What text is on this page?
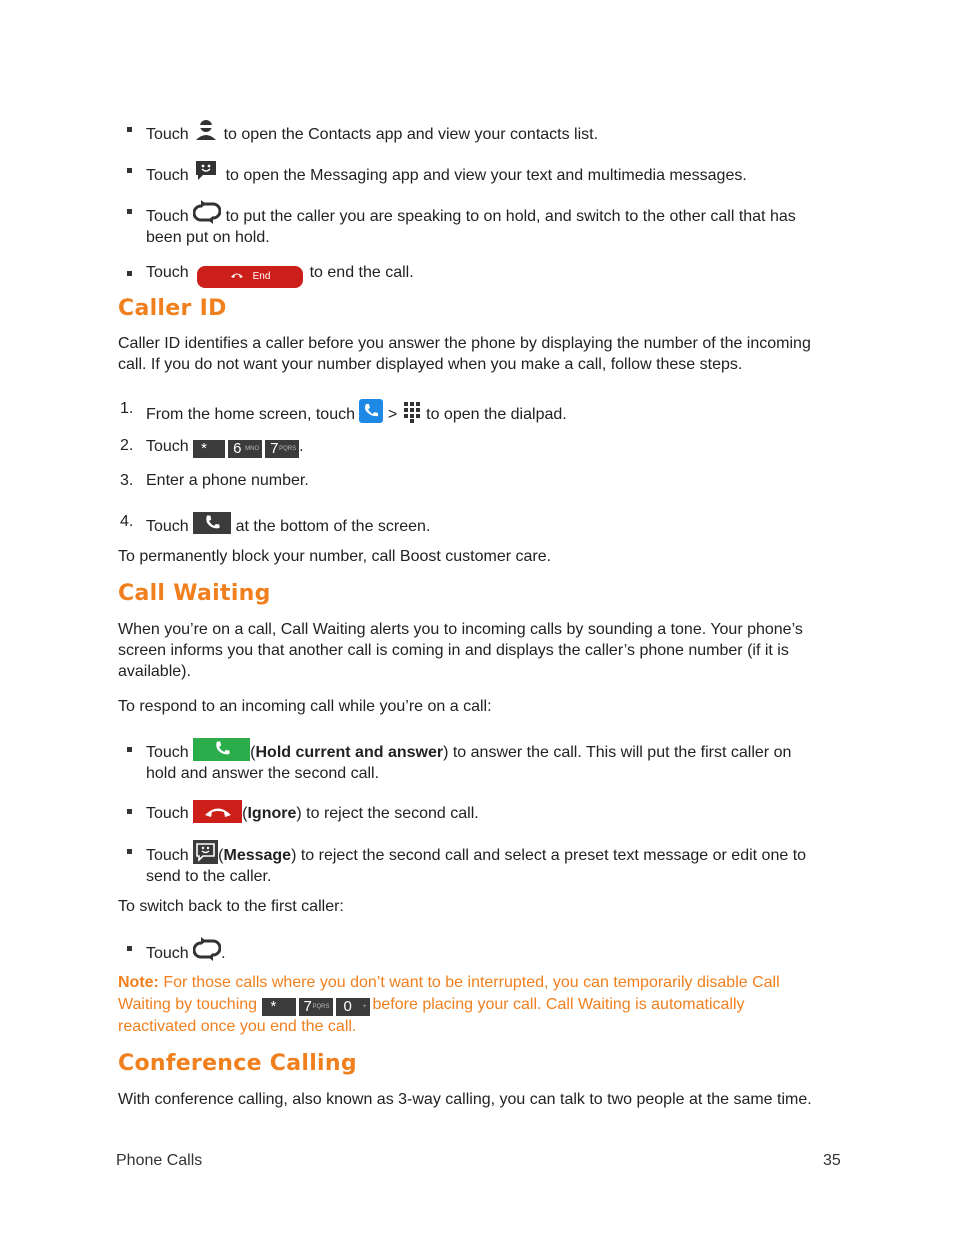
Touch to open the Contacts app and view your contacts list.
Touch to open the Messaging app and view your text and multimedia messages.
Touch to put the caller you are speaking to on hold, and switch to the other call that has
been put on hold.
Touch	End to end the call.
Caller ID
Caller ID identifies a caller before you answer the phone by displaying the number of the incoming
call. If you do not want your number displayed when you make a call, follow these steps.
1. From the home screen, touch > to open the dialpad.
2. Touch * 6 MNO 7 PQRS .
3. Enter a phone number.
4. Touch	at the bottom of the screen.
To permanently block your number, call Boost customer care.
Call Waiting
When you’re on a call, Call Waiting alerts you to incoming calls by sounding a tone. Your phone’s
screen informs you that another call is coming in and displays the caller’s phone number (if it is
available).
To respond to an incoming call while you’re on a call:
Touch	(Hold current and answer) to answer the call. This will put the first caller on
hold and answer the second call.
Touch	(Ignore) to reject the second call.
Touch (Message) to reject the second call and select a preset text message or edit one to
send to the caller.
To switch back to the first caller:
Touch .
Note: For those calls where you don’t want to be interrupted, you can temporarily disable Call
Waiting by touching * 7 PQRS 0 + before placing your call. Call Waiting is automatically
reactivated once you end the call.
Conference Calling
With conference calling, also known as 3-way calling, you can talk to two people at the same time.
Phone Calls	35
